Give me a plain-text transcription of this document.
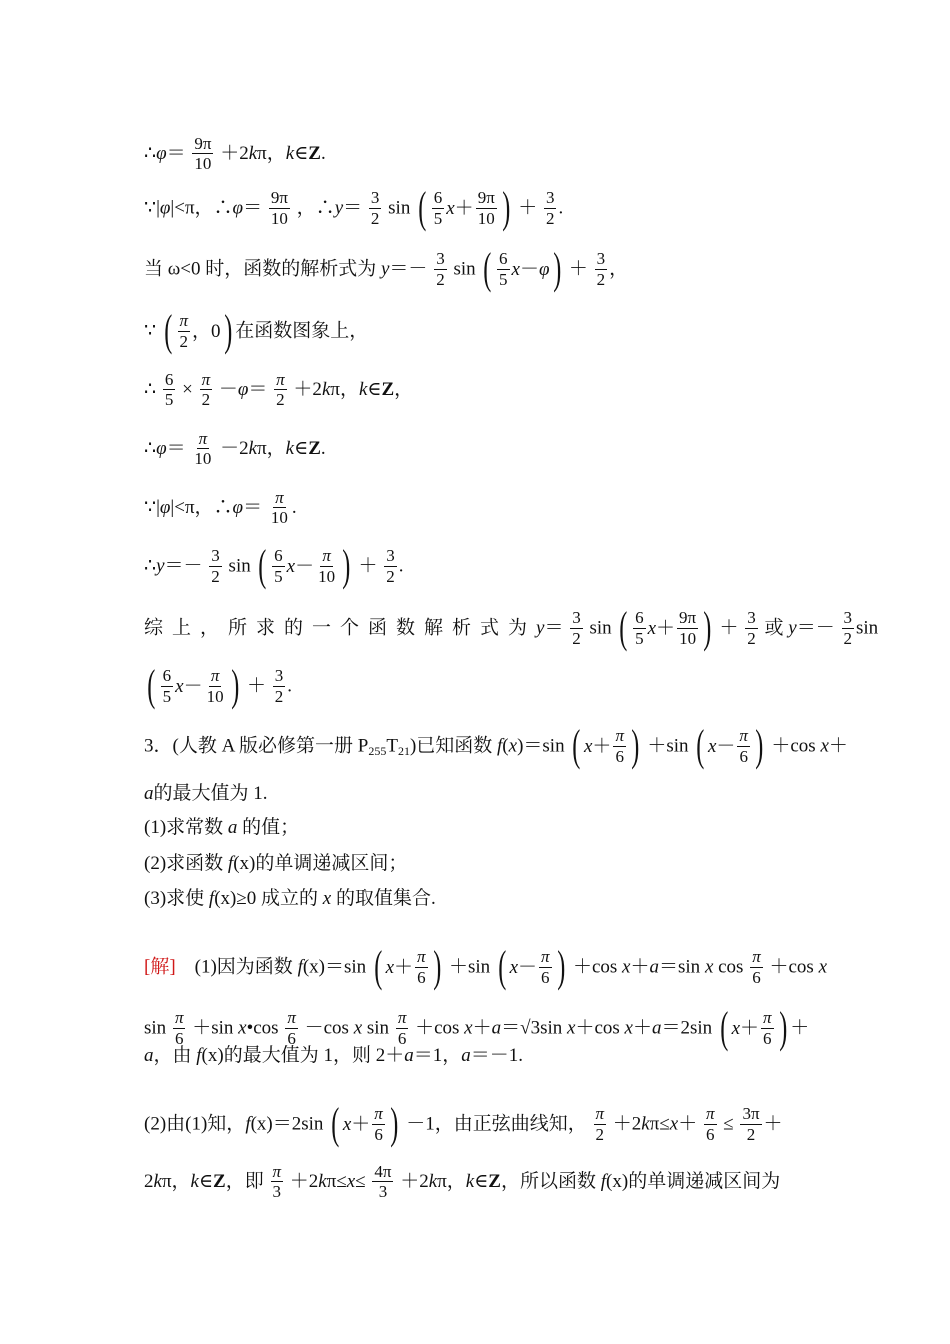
∴φ＝ $\frac{9\pi}{10} +2k\pi$，k∈Z.
∵|φ|<π，∴φ＝ $\frac{9\pi}{10}$ ，∴y＝ $\frac{3}{2}$ sin ( $\frac{6}{5}$ $x + \frac{9\pi}{10}$ ) ＋ $\frac{3}{2}$ .
当 ω<0 时，函数的解析式为 $y=- \frac{3}{2}$ sin ( $\frac{6}{5}$ x － φ ) ＋ $\frac{3}{2}$ ，
∵ ( $\frac{\pi}{2}$ ，0 ) 在函数图象上，
∴ $\frac{6}{5} \times \frac{\pi}{2} -\varphi= \frac{\pi}{2} +2k\pi$，k∈Z，
∴φ＝ $\frac{\pi}{10} -2k\pi$，k∈Z.
∵|φ|<π，∴φ＝ $\frac{\pi}{10}$ .
∴y＝－ $\frac{3}{2}$ sin ( $\frac{6}{5}$ $x - \frac{\pi}{10}$ ) ＋ $\frac{3}{2}$ .
综上，所求的一个函数解析式为$y= \frac{3}{2}$ sin ( $\frac{6}{5}$ $x + \frac{9\pi}{10}$ ) ＋ $\frac{3}{2}$ 或 $y=- \frac{3}{2}$ sin
( $\frac{6}{5}$ $x - \frac{\pi}{10}$ ) ＋ $\frac{3}{2}$ .
3．(人教 A 版必修第一册 $P_{255}T_{21}$)已知函数 f(x)＝sin ( $x + \frac{\pi}{6}$ ) ＋sin ( $x - \frac{\pi}{6}$ ) ＋cos x＋
a的最大值为 1.
(1)求常数 a 的值；
(2)求函数 f(x)的单调递减区间；
(3)求使 f(x)≥0 成立的 x 的取值集合.
[解]　(1)因为函数 f(x)＝sin ( $x + \frac{\pi}{6}$ ) ＋sin ( $x - \frac{\pi}{6}$ ) ＋cos x＋a＝sin x $\cos \frac{\pi}{6} +\cos$ x
$\sin \frac{\pi}{6} +\sin$ x•cos $\frac{\pi}{6} -\cos$ x $\sin \frac{\pi}{6} +\cos$ x＋a＝√3sin x＋cos x＋a＝2sin ( $x + \frac{\pi}{6}$ ) ＋
a，由 f(x)的最大值为 1，则 2＋a＝1，a＝－1.
(2)由(1)知，f(x)＝2sin ( $x + \frac{\pi}{6}$ ) －1，由正弦曲线知， $\frac{\pi}{2} +2k\pi\le x+ \frac{\pi}{6} \le \frac{3\pi}{2}$ ＋
2kπ，k∈Z，即 $\frac{\pi}{3} +2k\pi\le x\le \frac{4\pi}{3} +2k\pi$，k∈Z，所以函数 f(x)的单调递减区间为
